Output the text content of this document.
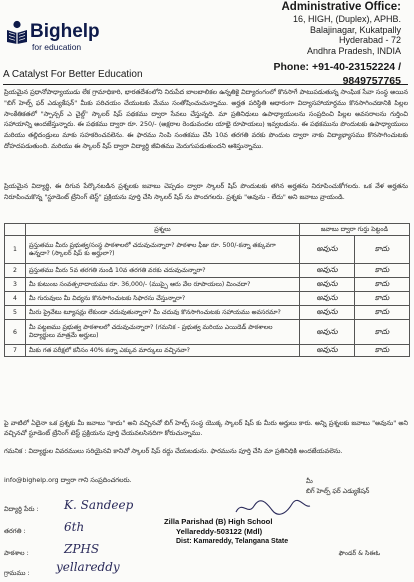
Bighelp
for education
A Catalyst For Better Education
Administrative Office:
16, HIGH, (Duplex), APHB.
Balajinagar, Kukatpally
Hyderabad - 72
Andhra Pradesh, INDIA
Phone: +91-40-23152224 / 9849757765
ప్రియమైన ప్రధానోపాధ్యాయుడు లేక గ్రామాధికారి, భారతదేశంలోని నిరుపేద బాలబాలికల ఉన్నతికై విద్యారంగంలో కొనసాగే పాటుపడుతున్న సాంఘిక సేవా సంస్థ అయిన "బిగ్ హెల్ప్ ఫర్ ఎడ్యుకేషన్" మీకు పరిచయం చేయుటకు మేము సంతోషించుచున్నాము. అర్హత పరిస్థితి ఆధారంగా విద్యాసహాయార్ధము కొనసాగించడానికి పిల్లల సాంకేతికతలో "స్పాన్సర్ ఎ చైల్డ్" స్కాలర్ షిప్ పథకము ద్వారా సేవలు చేస్తున్నది. మా ప్రతినిధులు ఉపాధ్యాయులను సంప్రదించి పిల్లల అవసరాలను గుర్తించి సహాయాన్ని అందజేస్తున్నారు. ఈ పథకము ద్వారా రూ. 250/- (అక్షరాల రెండువందల యాభై రూపాయలు) ఇవ్వబడును. ఈ పథకమును పొందుటకు ఉపాధ్యాయులు మరియు తల్లిదండ్రులు మాకు సహకరించవలెను. ఈ ఫారము నింపి సంతకము చేసి 10వ తరగతి వరకు పొందుట ద్వారా నాకు విద్యాభ్యాసము కొనసాగించుటకు దోహదపడుతుంది. మరియు ఈ స్కాలర్ షిప్ ద్వారా విద్యార్ధి జీవితము మెరుగుపడుతుందని ఆశిస్తున్నాము.
ప్రియమైన విద్యార్థి, ఈ దిగువ పేర్కొనబడిన ప్రశ్నలకు జవాబు చెప్పడం ద్వారా స్కాలర్ షిప్ పొందుటకు తగిన అర్హతను నిరూపించుకోగలరు. ఒక వేళ అర్హతను నిరూపించుకొన్న "స్టూడెంట్ ట్రేనింగ్ టెస్ట్" ప్రక్రియను పూర్తి చేసి స్కాలర్ షిప్ ను పొందగలరు. ప్రశ్నకు "అవును - లేదు" అని జవాబు వ్రాయండి.
	ప్రశ్నలు	జవాబు ద్వారా గుర్తు పెట్టండి	
1	ప్రస్తుతము మీరు ప్రభుత్వ/సంస్థ పాఠశాలలో చదువుచున్నారా? పాఠశాల ఫీజు రూ. 500/-కన్నా తక్కువగా ఉన్నదా? (స్కాలర్ షిప్ కు అర్హులా?)	అవును	కాదు
2	ప్రస్తుతము మీరు 5వ తరగతి నుండి 10వ తరగతి వరకు చదువుచున్నారా?	అవును	కాదు
3	మీ కుటుంబ సంవత్సరాదాయము రూ. 36,000/- (ముప్పై ఆరు వేల రూపాయలు) మించదా?	అవును	కాదు
4	మీ గురువులు మీ విద్యను కొనసాగించుటకు సిఫారసు చేస్తున్నారా?	అవును	కాదు
5	మీరు ప్రైవేటు ట్యూషన్లు లేకుండా చదువుతున్నారా? మీ చదువు కొనసాగించుటకు సహాయము అవసరమా?	అవును	కాదు
6	మీ పట్టణము ప్రభుత్వ పాఠశాలలో చదువుచున్నారా? (గమనిక - ప్రభుత్వ మరియు ఎయిడెడ్ పాఠశాలల విద్యార్థులు మాత్రమే అర్హులు)	అవును	కాదు
7	మీకు గత పరీక్షలో కనీసం 40% కన్నా ఎక్కువ మార్కులు వచ్చినవా?	అవును	కాదు
పై వాటిలో ఏదైనా ఒక ప్రశ్నకు మీ జవాబు "కాదు" అని వచ్చినచో బిగ్ హెల్ప్ సంస్థ యొక్క స్కాలర్ షిప్ కు మీరు అర్హులు కారు. అన్ని ప్రశ్నలకు జవాబు "అవును" అని వచ్చినచో స్టూడెంట్ ట్రేనింగ్ టెస్ట్ ప్రక్రియను పూర్తి చేయవలసినదిగా కోరుచున్నాము.
గమనిక : విద్యార్థుల వివరములు సరియైనవి కానిచో స్కాలర్ షిప్ రద్దు చేయబడును. ఫారమును పూర్తి చేసి మా ప్రతినిధికి అందజేయవలెను.
info@bighelp.org ద్వారా గాని సంప్రదించగలరు.	మీ
బిగ్ హెల్ప్ ఫర్ ఎడ్యుకేషన్
విద్యార్థి పేరు :	K. Sandeep
తరగతి :	6th
పాఠశాల :	ZPHS
గ్రామము :	yellareddy
Zilla Parishad (B) High School
Yellareddy-503122 (Mdl)
Dist: Kamareddy, Telangana State
ఫౌండర్ & సిఈఓ
